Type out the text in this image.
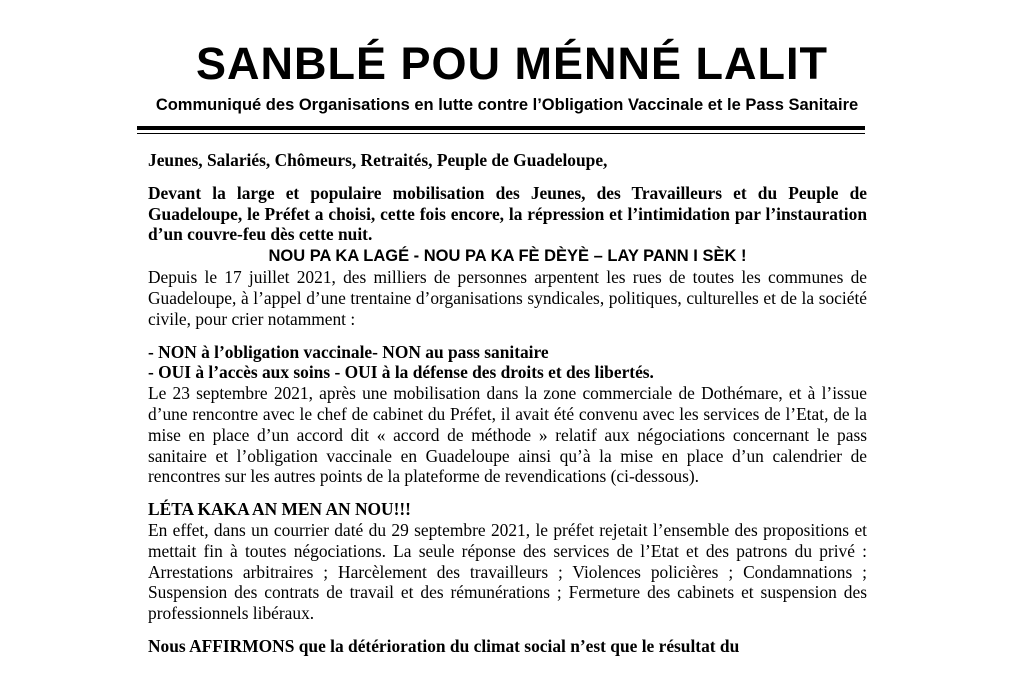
SANBLÉ POU MÉNNÉ LALIT

Communiqué des Organisations en lutte contre l’Obligation Vaccinale et le Pass Sanitaire

Jeunes, Salariés, Chômeurs, Retraités, Peuple de Guadeloupe,

Devant la large et populaire mobilisation des Jeunes, des Travailleurs et du Peuple de Guadeloupe, le Préfet a choisi, cette fois encore, la répression et l’intimidation par l’instauration d’un couvre-feu dès cette nuit.

NOU PA KA LAGÉ - NOU PA KA FÈ DÈYÈ – LAY PANN I SÈK !

Depuis le 17 juillet 2021, des milliers de personnes arpentent les rues de toutes les communes de Guadeloupe, à l’appel d’une trentaine d’organisations syndicales, politiques, culturelles et de la société civile, pour crier notamment :

- NON à l’obligation vaccinale- NON au pass sanitaire

- OUI à l’accès aux soins - OUI à la défense des droits et des libertés.

Le 23 septembre 2021, après une mobilisation dans la zone commerciale de Dothémare, et à l’issue d’une rencontre avec le chef de cabinet du Préfet, il avait été convenu avec les services de l’Etat, de la mise en place d’un accord dit « accord de méthode » relatif aux négociations concernant le pass sanitaire et l’obligation vaccinale en Guadeloupe ainsi qu’à la mise en place d’un calendrier de rencontres sur les autres points de la plateforme de revendications (ci-dessous).

LÉTA KAKA AN MEN AN NOU!!!

En effet, dans un courrier daté du 29 septembre 2021, le préfet rejetait l’ensemble des propositions et mettait fin à toutes négociations. La seule réponse des services de l’Etat et des patrons du privé : Arrestations arbitraires ; Harcèlement des travailleurs ; Violences policières ; Condamnations ; Suspension des contrats de travail et des rémunérations ; Fermeture des cabinets et suspension des professionnels libéraux.

Nous AFFIRMONS que la détérioration du climat social n’est que le résultat du
